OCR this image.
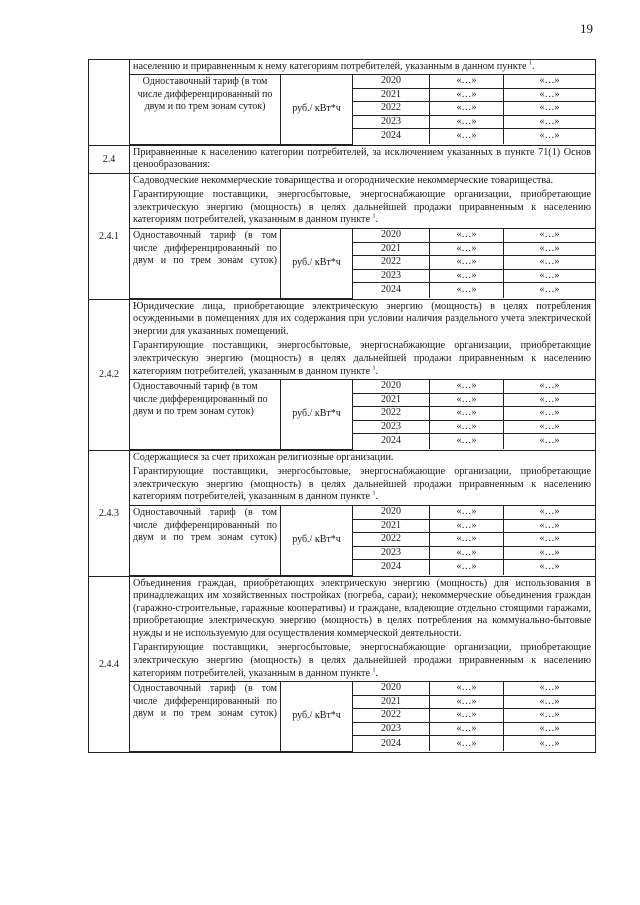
19

населению и приравненным к нему категориям потребителей, указанным в данном пункте $^1$.
Одноставочный тариф (в том числе дифференцированный по двум и по трем зонам суток)	руб./ кВт*ч	2020	«…»	«…»
2021	«…»	«…»
2022	«…»	«…»
2023	«…»	«…»
2024	«…»	«…»

2.4	
Приравненные к населению категории потребителей, за исключением указанных в пункте 71(1) Основ ценообразования:

2.4.1	
Садоводческие некоммерческие товарищества и огороднические некоммерческие товарищества.
Гарантирующие поставщики, энергосбытовые, энергоснабжающие организации, приобретающие электрическую энергию (мощность) в целях дальнейшей продажи приравненным к населению категориям потребителей, указанным в данном пункте $^1$.
Одноставочный тариф (в том числе дифференцированный по двум и по трем зонам суток)	руб./ кВт*ч	2020	«…»	«…»
2021	«…»	«…»
2022	«…»	«…»
2023	«…»	«…»
2024	«…»	«…»

2.4.2	
Юридические лица, приобретающие электрическую энергию (мощность) в целях потребления осужденными в помещениях для их содержания при условии наличия раздельного учета электрической энергии для указанных помещений.
Гарантирующие поставщики, энергосбытовые, энергоснабжающие организации, приобретающие электрическую энергию (мощность) в целях дальнейшей продажи приравненным к населению категориям потребителей, указанным в данном пункте $^1$.
Одноставочный тариф (в том числе дифференцированный по двум и по трем зонам суток)	руб./ кВт*ч	2020	«…»	«…»
2021	«…»	«…»
2022	«…»	«…»
2023	«…»	«…»
2024	«…»	«…»

2.4.3	
Содержащиеся за счет прихожан религиозные организации.
Гарантирующие поставщики, энергосбытовые, энергоснабжающие организации, приобретающие электрическую энергию (мощность) в целях дальнейшей продажи приравненным к населению категориям потребителей, указанным в данном пункте $^1$.
Одноставочный тариф (в том числе дифференцированный по двум и по трем зонам суток)	руб./ кВт*ч	2020	«…»	«…»
2021	«…»	«…»
2022	«…»	«…»
2023	«…»	«…»
2024	«…»	«…»

2.4.4	
Объединения граждан, приобретающих электрическую энергию (мощность) для использования в принадлежащих им хозяйственных постройках (погреба, сараи); некоммерческие объединения граждан (гаражно-строительные, гаражные кооперативы) и граждане, владеющие отдельно стоящими гаражами, приобретающие электрическую энергию (мощность) в целях потребления на коммунально-бытовые нужды и не используемую для осуществления коммерческой деятельности.
Гарантирующие поставщики, энергосбытовые, энергоснабжающие организации, приобретающие электрическую энергию (мощность) в целях дальнейшей продажи приравненным к населению категориям потребителей, указанным в данном пункте $^1$.
Одноставочный тариф (в том числе дифференцированный по двум и по трем зонам суток)	руб./ кВт*ч	2020	«…»	«…»
2021	«…»	«…»
2022	«…»	«…»
2023	«…»	«…»
2024	«…»	«…»
